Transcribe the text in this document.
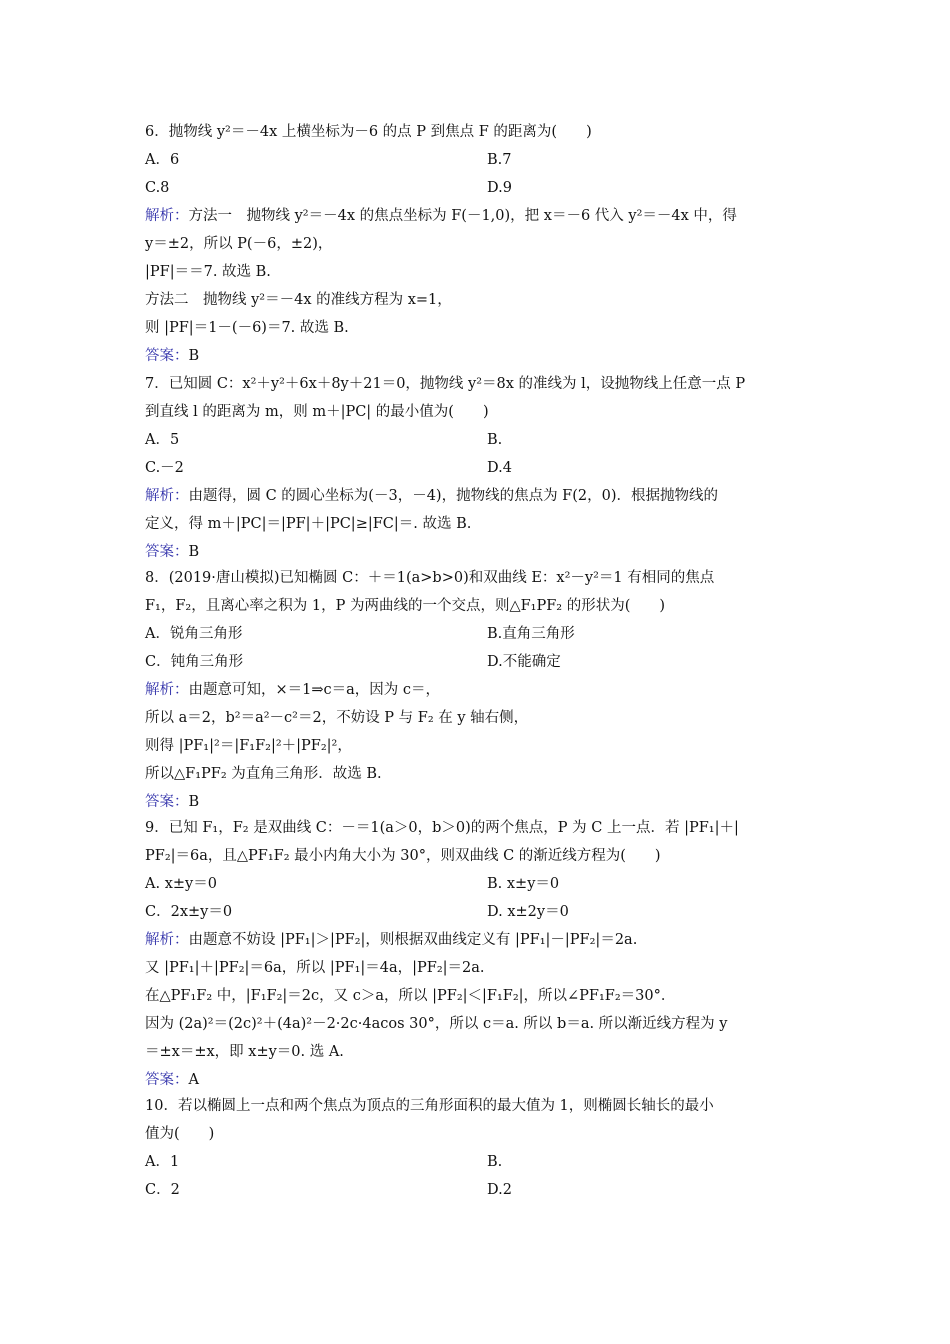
6．抛物线 y²＝－4x 上横坐标为－6 的点 P 到焦点 F 的距离为(　　)
A．6	B.7
C.8	D.9
解析：方法一　抛物线 y²＝－4x 的焦点坐标为 F(－1,0)，把 x＝－6 代入 y²＝－4x 中，得
y＝±2，所以 P(－6，±2)，
|PF|＝＝7. 故选 B.
方法二　抛物线 y²＝－4x 的准线方程为 x=1，
则 |PF|＝1－(－6)＝7. 故选 B.
答案：B
7．已知圆 C：x²＋y²＋6x＋8y＋21＝0，抛物线 y²＝8x 的准线为 l，设抛物线上任意一点 P
到直线 l 的距离为 m，则 m＋|PC| 的最小值为(　　)
A．5	B.
C.－2	D.4
解析：由题得，圆 C 的圆心坐标为(－3，－4)，抛物线的焦点为 F(2，0)．根据抛物线的
定义，得 m＋|PC|＝|PF|＋|PC|≥|FC|＝. 故选 B.
答案：B
8．(2019·唐山模拟)已知椭圆 C：＋＝1(a>b>0)和双曲线 E：x²－y²＝1 有相同的焦点
F₁，F₂，且离心率之积为 1，P 为两曲线的一个交点，则△F₁PF₂ 的形状为(　　)
A．锐角三角形	B.直角三角形
C．钝角三角形	D.不能确定
解析：由题意可知，×＝1⇒c＝a，因为 c＝，
所以 a＝2，b²＝a²－c²＝2，不妨设 P 与 F₂ 在 y 轴右侧，
则得 |PF₁|²＝|F₁F₂|²＋|PF₂|²，
所以△F₁PF₂ 为直角三角形．故选 B.
答案：B
9．已知 F₁，F₂ 是双曲线 C：－＝1(a＞0，b＞0)的两个焦点，P 为 C 上一点．若 |PF₁|＋|
PF₂|＝6a，且△PF₁F₂ 最小内角大小为 30°，则双曲线 C 的渐近线方程为(　　)
A. x±y＝0	B. x±y＝0
C．2x±y＝0	D. x±2y＝0
解析：由题意不妨设 |PF₁|＞|PF₂|，则根据双曲线定义有 |PF₁|－|PF₂|＝2a.
又 |PF₁|＋|PF₂|＝6a，所以 |PF₁|＝4a，|PF₂|＝2a.
在△PF₁F₂ 中，|F₁F₂|＝2c，又 c＞a，所以 |PF₂|＜|F₁F₂|，所以∠PF₁F₂＝30°．
因为 (2a)²＝(2c)²＋(4a)²－2·2c·4acos 30°，所以 c＝a. 所以 b＝a. 所以渐近线方程为 y
＝±x＝±x，即 x±y＝0. 选 A.
答案：A
10．若以椭圆上一点和两个焦点为顶点的三角形面积的最大值为 1，则椭圆长轴长的最小
值为(　　)
A．1	B.
C．2	D.2
